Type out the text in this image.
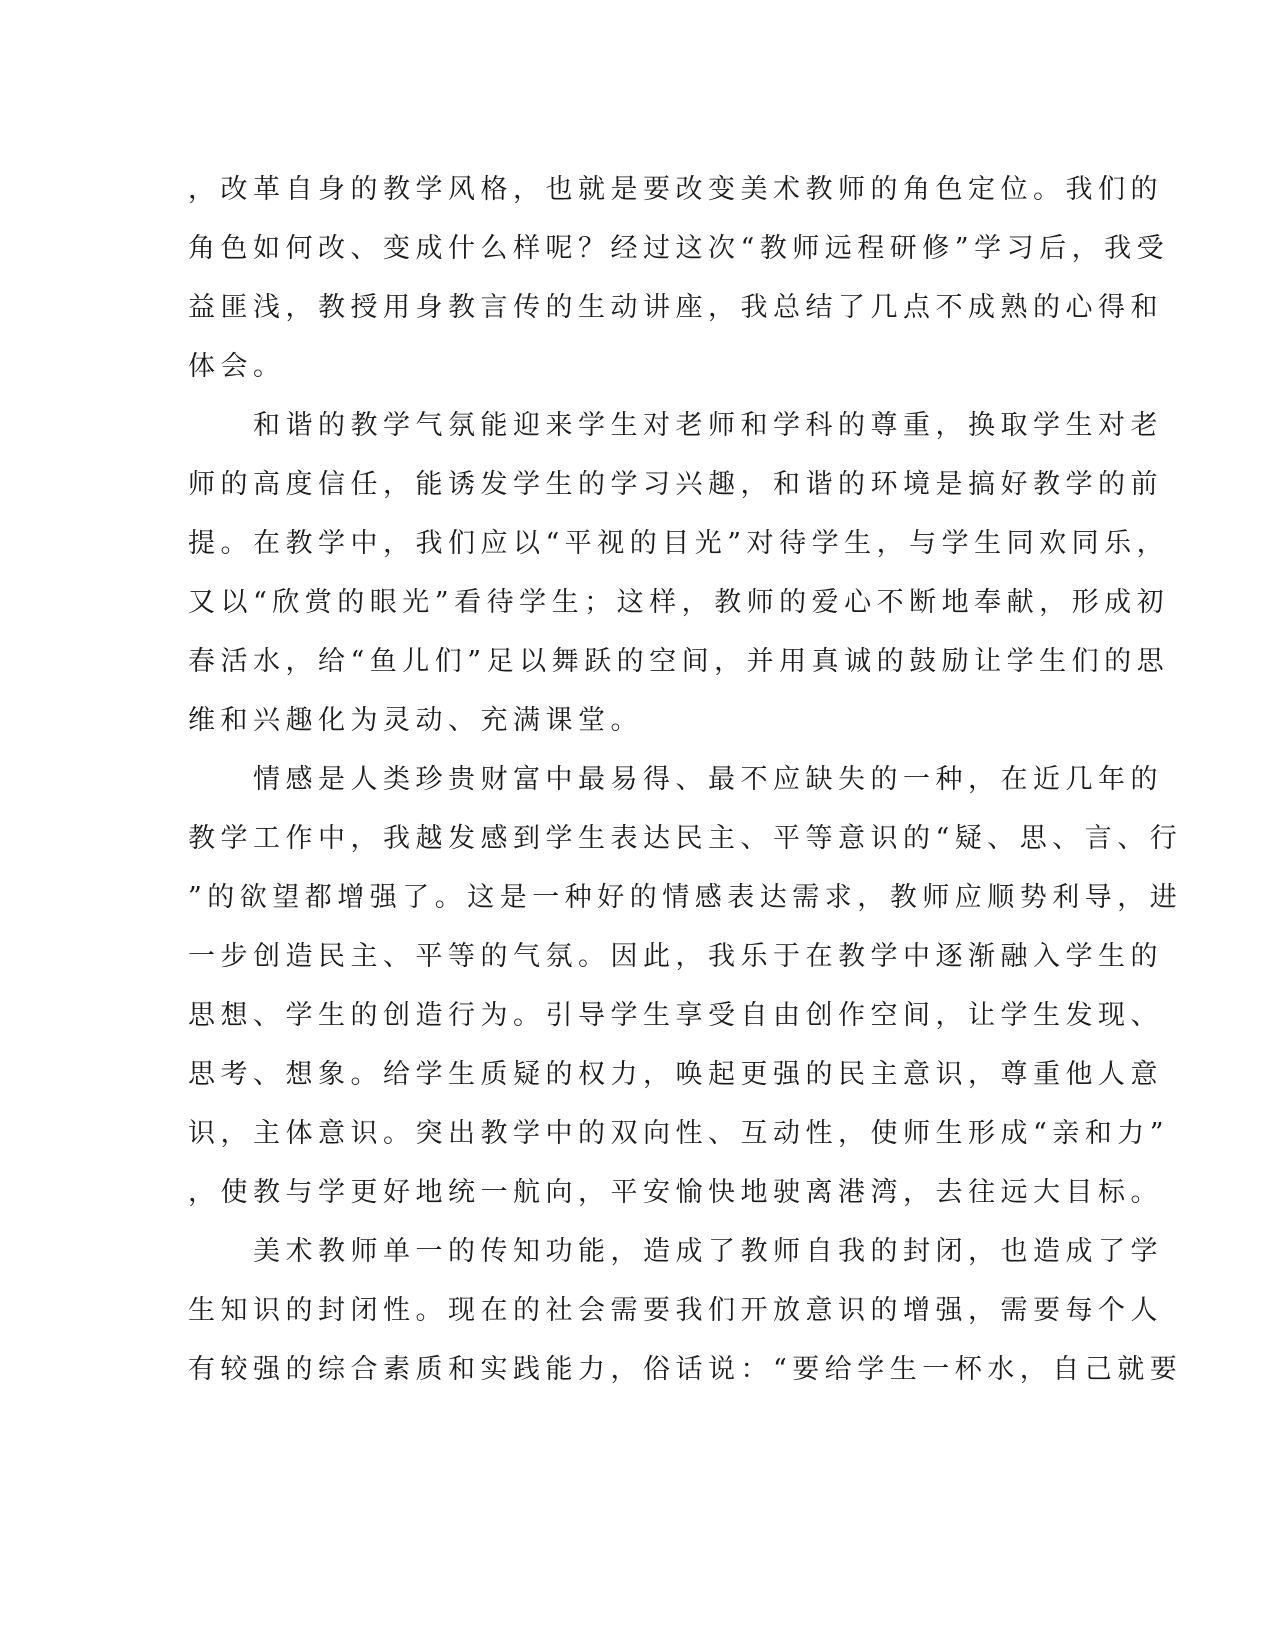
，改革自身的教学风格，也就是要改变美术教师的角色定位。我们的
角色如何改、变成什么样呢？经过这次“教师远程研修”学习后，我受
益匪浅，教授用身教言传的生动讲座，我总结了几点不成熟的心得和
体会。
　　和谐的教学气氛能迎来学生对老师和学科的尊重，换取学生对老
师的高度信任，能诱发学生的学习兴趣，和谐的环境是搞好教学的前
提。在教学中，我们应以“平视的目光”对待学生，与学生同欢同乐，
又以“欣赏的眼光”看待学生；这样，教师的爱心不断地奉献，形成初
春活水，给“鱼儿们”足以舞跃的空间，并用真诚的鼓励让学生们的思
维和兴趣化为灵动、充满课堂。
　　情感是人类珍贵财富中最易得、最不应缺失的一种，在近几年的
教学工作中，我越发感到学生表达民主、平等意识的“疑、思、言、行
”的欲望都增强了。这是一种好的情感表达需求，教师应顺势利导，进
一步创造民主、平等的气氛。因此，我乐于在教学中逐渐融入学生的
思想、学生的创造行为。引导学生享受自由创作空间，让学生发现、
思考、想象。给学生质疑的权力，唤起更强的民主意识，尊重他人意
识，主体意识。突出教学中的双向性、互动性，使师生形成“亲和力”
，使教与学更好地统一航向，平安愉快地驶离港湾，去往远大目标。
　　美术教师单一的传知功能，造成了教师自我的封闭，也造成了学
生知识的封闭性。现在的社会需要我们开放意识的增强，需要每个人
有较强的综合素质和实践能力，俗话说：“要给学生一杯水，自己就要
